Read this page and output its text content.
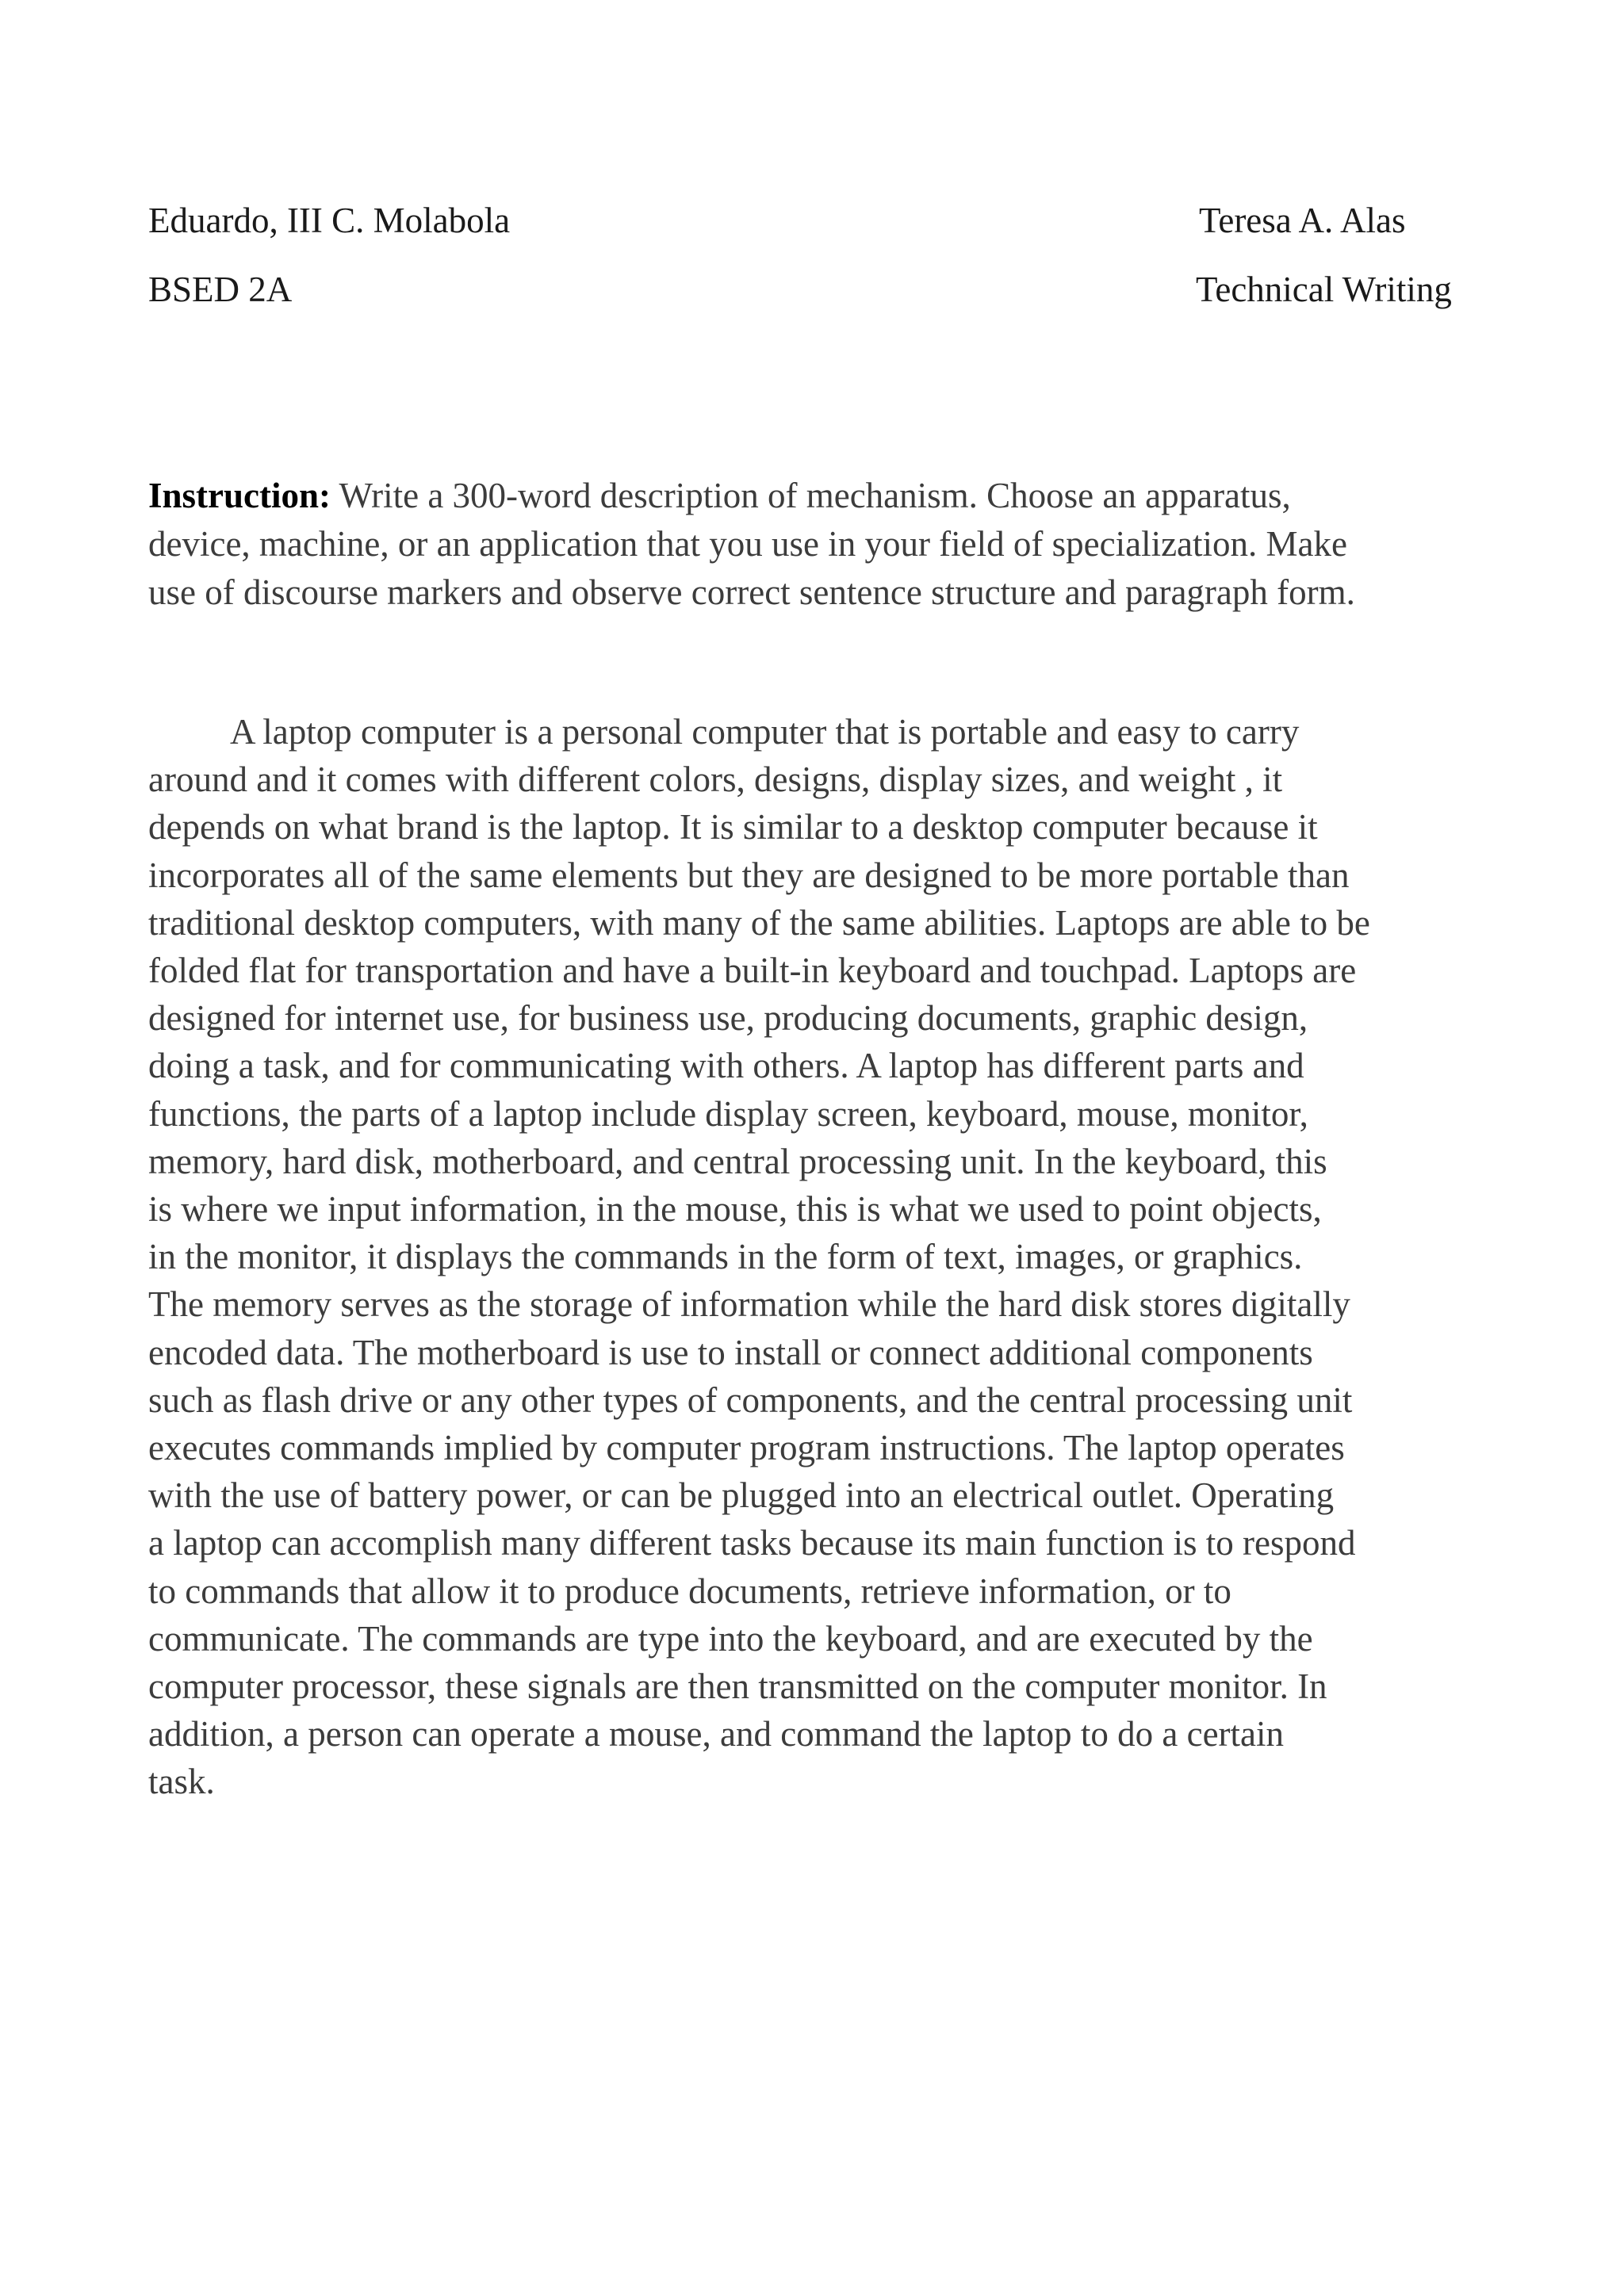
Eduardo, III C. Molabola
BSED 2A
Teresa A. Alas
Technical Writing

Instruction: Write a 300-word description of mechanism. Choose an apparatus,
device, machine, or an application that you use in your field of specialization. Make
use of discourse markers and observe correct sentence structure and paragraph form.

A laptop computer is a personal computer that is portable and easy to carry
around and it comes with different colors, designs, display sizes, and weight , it
depends on what brand is the laptop. It is similar to a desktop computer because it
incorporates all of the same elements but they are designed to be more portable than
traditional desktop computers, with many of the same abilities. Laptops are able to be
folded flat for transportation and have a built-in keyboard and touchpad. Laptops are
designed for internet use, for business use, producing documents, graphic design,
doing a task, and for communicating with others. A laptop has different parts and
functions, the parts of a laptop include display screen, keyboard, mouse, monitor,
memory, hard disk, motherboard, and central processing unit. In the keyboard, this
is where we input information, in the mouse, this is what we used to point objects,
in the monitor, it displays the commands in the form of text, images, or graphics.
The memory serves as the storage of information while the hard disk stores digitally
encoded data. The motherboard is use to install or connect additional components
such as flash drive or any other types of components, and the central processing unit
executes commands implied by computer program instructions. The laptop operates
with the use of battery power, or can be plugged into an electrical outlet. Operating
a laptop can accomplish many different tasks because its main function is to respond
to commands that allow it to produce documents, retrieve information, or to
communicate. The commands are type into the keyboard, and are executed by the
computer processor, these signals are then transmitted on the computer monitor. In
addition, a person can operate a mouse, and command the laptop to do a certain
task.
